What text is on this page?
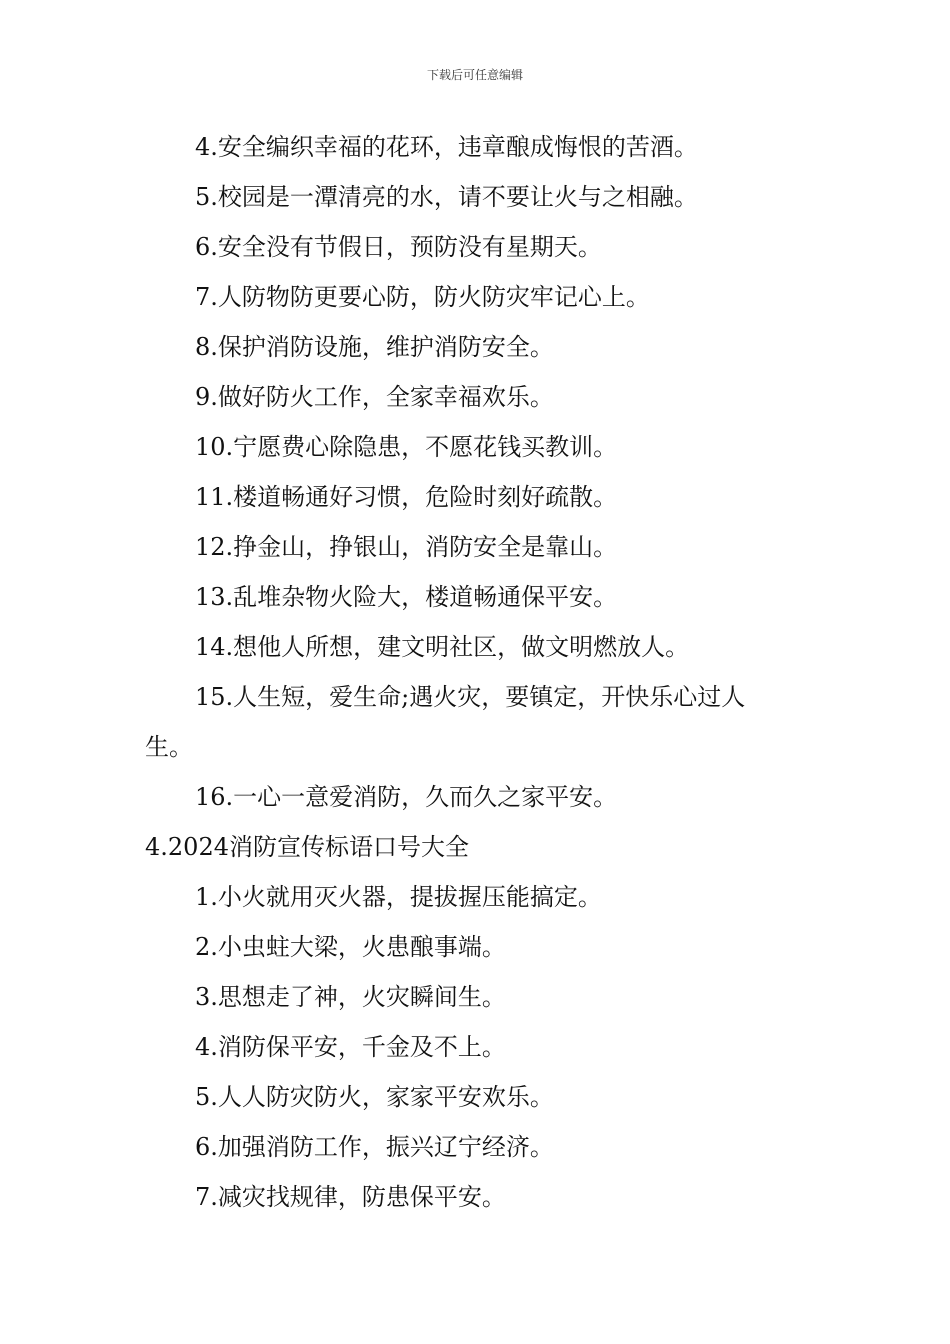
下载后可任意编辑
4.安全编织幸福的花环，违章酿成悔恨的苦酒。
5.校园是一潭清亮的水，请不要让火与之相融。
6.安全没有节假日，预防没有星期天。
7.人防物防更要心防，防火防灾牢记心上。
8.保护消防设施，维护消防安全。
9.做好防火工作，全家幸福欢乐。
10.宁愿费心除隐患，不愿花钱买教训。
11.楼道畅通好习惯，危险时刻好疏散。
12.挣金山，挣银山，消防安全是靠山。
13.乱堆杂物火险大，楼道畅通保平安。
14.想他人所想，建文明社区，做文明燃放人。
15.人生短，爱生命;遇火灾，要镇定，开快乐心过人
生。
16.一心一意爱消防，久而久之家平安。
4.2024消防宣传标语口号大全
1.小火就用灭火器，提拔握压能搞定。
2.小虫蛀大梁，火患酿事端。
3.思想走了神，火灾瞬间生。
4.消防保平安，千金及不上。
5.人人防灾防火，家家平安欢乐。
6.加强消防工作，振兴辽宁经济。
7.减灾找规律，防患保平安。
